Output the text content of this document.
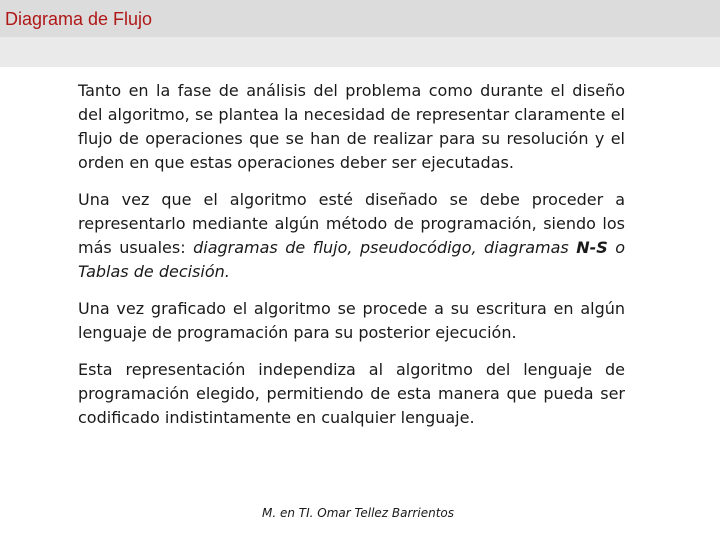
Diagrama de Flujo

Tanto en la fase de análisis del problema como durante el diseño del algoritmo, se plantea la necesidad de representar claramente el flujo de operaciones que se han de realizar para su resolución y el orden en que estas operaciones deber ser ejecutadas.

Una vez que el algoritmo esté diseñado se debe proceder a representarlo mediante algún método de programación, siendo los más usuales: diagramas de flujo, pseudocódigo, diagramas N-S o Tablas de decisión.

Una vez graficado el algoritmo se procede a su escritura en algún lenguaje de programación para su posterior ejecución.

Esta representación independiza al algoritmo del lenguaje de programación elegido, permitiendo de esta manera que pueda ser codificado indistintamente en cualquier lenguaje.

M. en TI. Omar Tellez Barrientos
